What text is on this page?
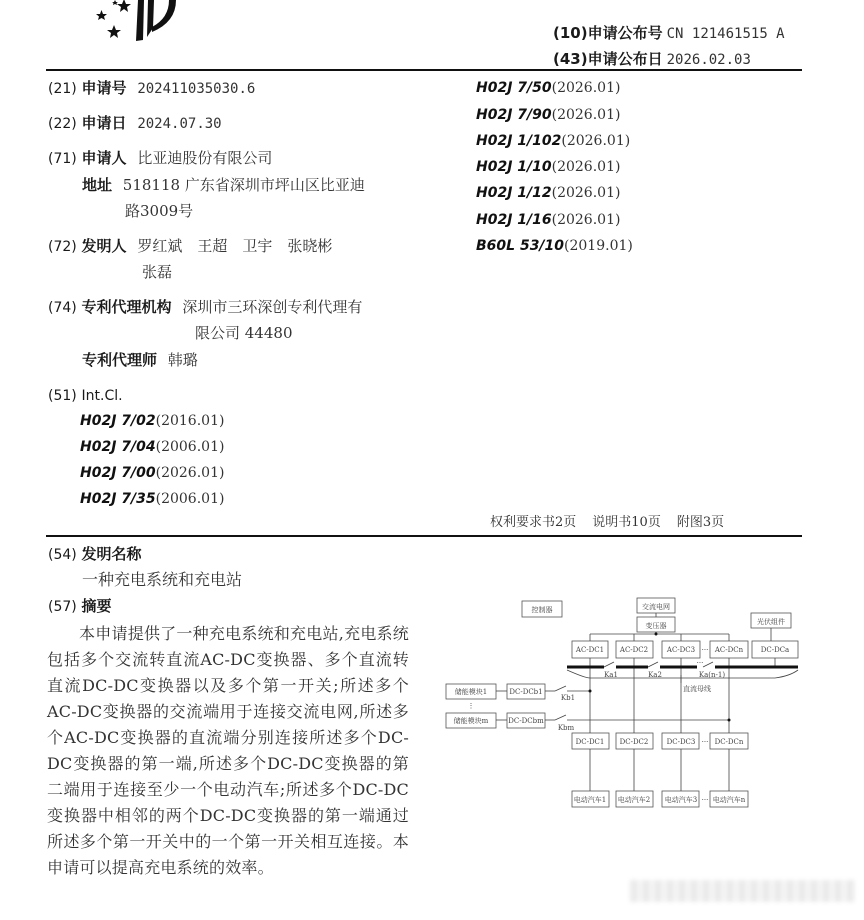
(10)申请公布号 CN 121461515 A
(43)申请公布日 2026.02.03
(21) 申请号 202411035030.6
(22) 申请日 2024.07.30
(71) 申请人 比亚迪股份有限公司
地址 518118 广东省深圳市坪山区比亚迪
路3009号
(72) 发明人 罗红斌　王超　卫宇　张晓彬
张磊
(74) 专利代理机构 深圳市三环深创专利代理有
限公司 44480
专利代理师 韩璐
(51) Int.Cl.
H02J 7/02(2016.01)
H02J 7/04(2006.01)
H02J 7/00(2026.01)
H02J 7/35(2006.01)
H02J 7/50(2026.01)
H02J 7/90(2026.01)
H02J 1/102(2026.01)
H02J 1/10(2026.01)
H02J 1/12(2026.01)
H02J 1/16(2026.01)
B60L 53/10(2019.01)
权利要求书2页 说明书10页 附图3页
(54) 发明名称
一种充电系统和充电站
(57) 摘要
本申请提供了一种充电系统和充电站,充电系统包括多个交流转直流AC-DC变换器、多个直流转直流DC-DC变换器以及多个第一开关;所述多个AC-DC变换器的交流端用于连接交流电网,所述多个AC-DC变换器的直流端分别连接所述多个DC-DC变换器的第一端,所述多个DC-DC变换器的第二端用于连接至少一个电动汽车;所述多个DC-DC变换器中相邻的两个DC-DC变换器的第一端通过所述多个第一开关中的一个第一开关相互连接。本申请可以提高充电系统的效率。
控制器	交流电网
变压器	光伏组件
AC-DC1 AC-DC2	AC-DC3 ··· AC-DCn	DC-DCa
Ka1	Ka2	Ka(n-1)
···
直流母线
储能模块1
⋮
储能模块m
DC-DCb1
DC-DCbm
Kb1
Kbm
DC-DC1 DC-DC2	DC-DC3 ··· DC-DCn
电动汽车1 电动汽车2 电动汽车3 ··· 电动汽车n
